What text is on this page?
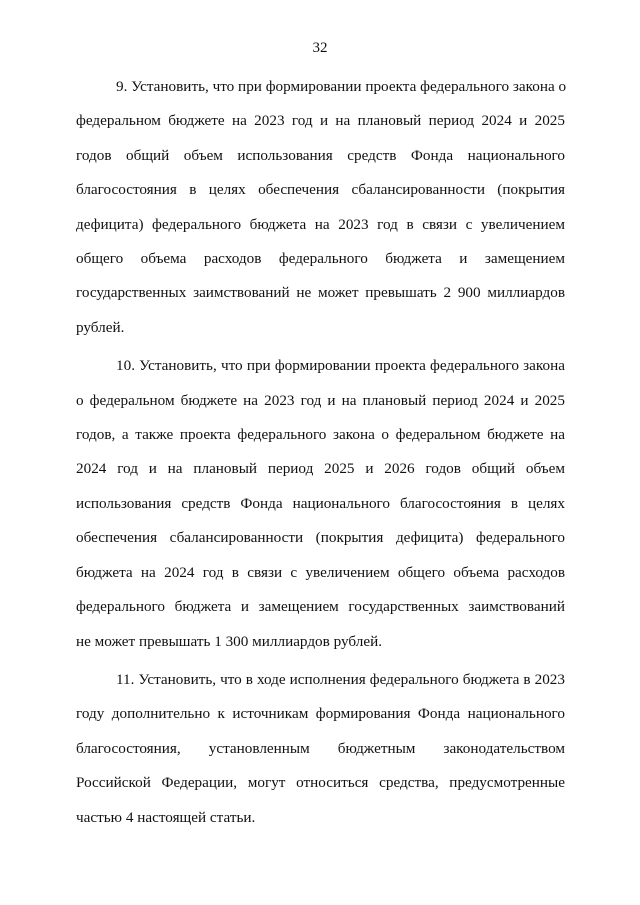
32

9. Установить, что при формировании проекта федерального закона о
федеральном бюджете на 2023 год и на плановый период 2024 и 2025
годов общий объем использования средств Фонда национального
благосостояния в целях обеспечения сбалансированности (покрытия
дефицита) федерального бюджета на 2023 год в связи с увеличением
общего объема расходов федерального бюджета и замещением
государственных заимствований не может превышать 2 900 миллиардов
рублей.

10. Установить, что при формировании проекта федерального закона
о федеральном бюджете на 2023 год и на плановый период 2024 и 2025
годов, а также проекта федерального закона о федеральном бюджете на
2024 год и на плановый период 2025 и 2026 годов общий объем
использования средств Фонда национального благосостояния в целях
обеспечения сбалансированности (покрытия дефицита) федерального
бюджета на 2024 год в связи с увеличением общего объема расходов
федерального бюджета и замещением государственных заимствований
не может превышать 1 300 миллиардов рублей.

11. Установить, что в ходе исполнения федерального бюджета в 2023
году дополнительно к источникам формирования Фонда национального
благосостояния, установленным бюджетным законодательством
Российской Федерации, могут относиться средства, предусмотренные
частью 4 настоящей статьи.
